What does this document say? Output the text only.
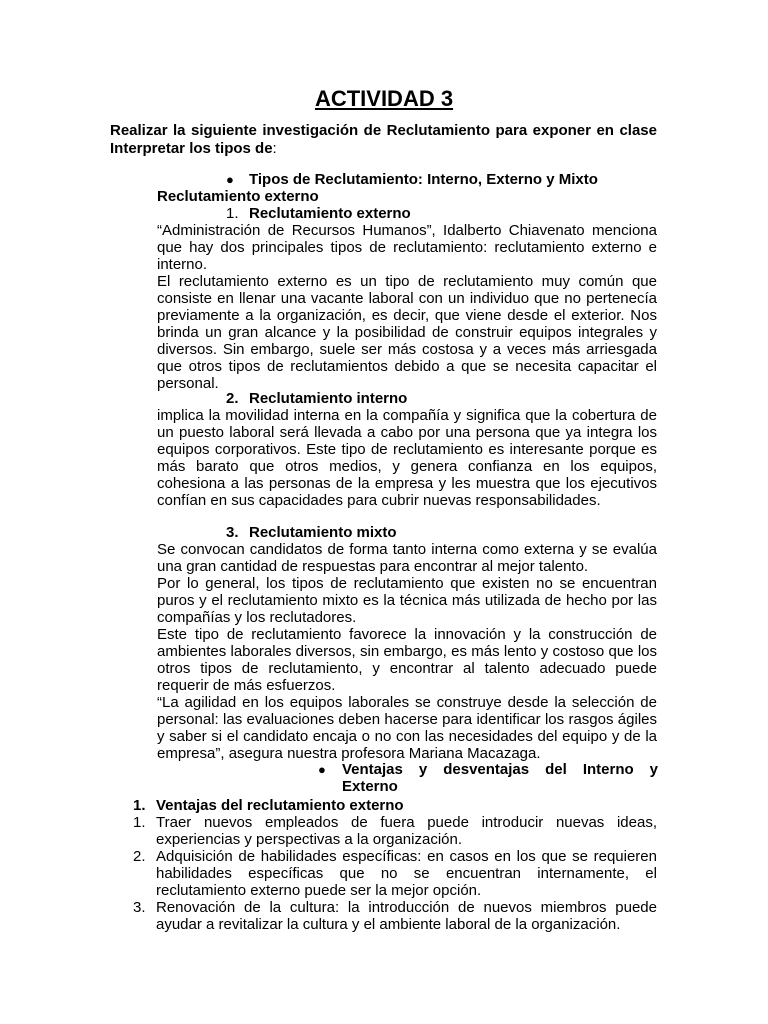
ACTIVIDAD 3
Realizar la siguiente investigación de Reclutamiento para exponer en clase Interpretar los tipos de:
● Tipos de Reclutamiento: Interno, Externo y Mixto
Reclutamiento externo
1. Reclutamiento externo
“Administración de Recursos Humanos”, Idalberto Chiavenato menciona que hay dos principales tipos de reclutamiento: reclutamiento externo e interno.
El reclutamiento externo es un tipo de reclutamiento muy común que consiste en llenar una vacante laboral con un individuo que no pertenecía previamente a la organización, es decir, que viene desde el exterior. Nos brinda un gran alcance y la posibilidad de construir equipos integrales y diversos. Sin embargo, suele ser más costosa y a veces más arriesgada que otros tipos de reclutamientos debido a que se necesita capacitar el personal.
2. Reclutamiento interno
implica la movilidad interna en la compañía y significa que la cobertura de un puesto laboral será llevada a cabo por una persona que ya integra los equipos corporativos. Este tipo de reclutamiento es interesante porque es más barato que otros medios, y genera confianza en los equipos, cohesiona a las personas de la empresa y les muestra que los ejecutivos confían en sus capacidades para cubrir nuevas responsabilidades.
3. Reclutamiento mixto
Se convocan candidatos de forma tanto interna como externa y se evalúa una gran cantidad de respuestas para encontrar al mejor talento.
Por lo general, los tipos de reclutamiento que existen no se encuentran puros y el reclutamiento mixto es la técnica más utilizada de hecho por las compañías y los reclutadores.
Este tipo de reclutamiento favorece la innovación y la construcción de ambientes laborales diversos, sin embargo, es más lento y costoso que los otros tipos de reclutamiento, y encontrar al talento adecuado puede requerir de más esfuerzos.
“La agilidad en los equipos laborales se construye desde la selección de personal: las evaluaciones deben hacerse para identificar los rasgos ágiles y saber si el candidato encaja o no con las necesidades del equipo y de la empresa”, asegura nuestra profesora Mariana Macazaga.
● Ventajas y desventajas del Interno y
Externo
1. Ventajas del reclutamiento externo
1. Traer nuevos empleados de fuera puede introducir nuevas ideas, experiencias y perspectivas a la organización.
2. Adquisición de habilidades específicas: en casos en los que se requieren habilidades específicas que no se encuentran internamente, el reclutamiento externo puede ser la mejor opción.
3. Renovación de la cultura: la introducción de nuevos miembros puede ayudar a revitalizar la cultura y el ambiente laboral de la organización.
